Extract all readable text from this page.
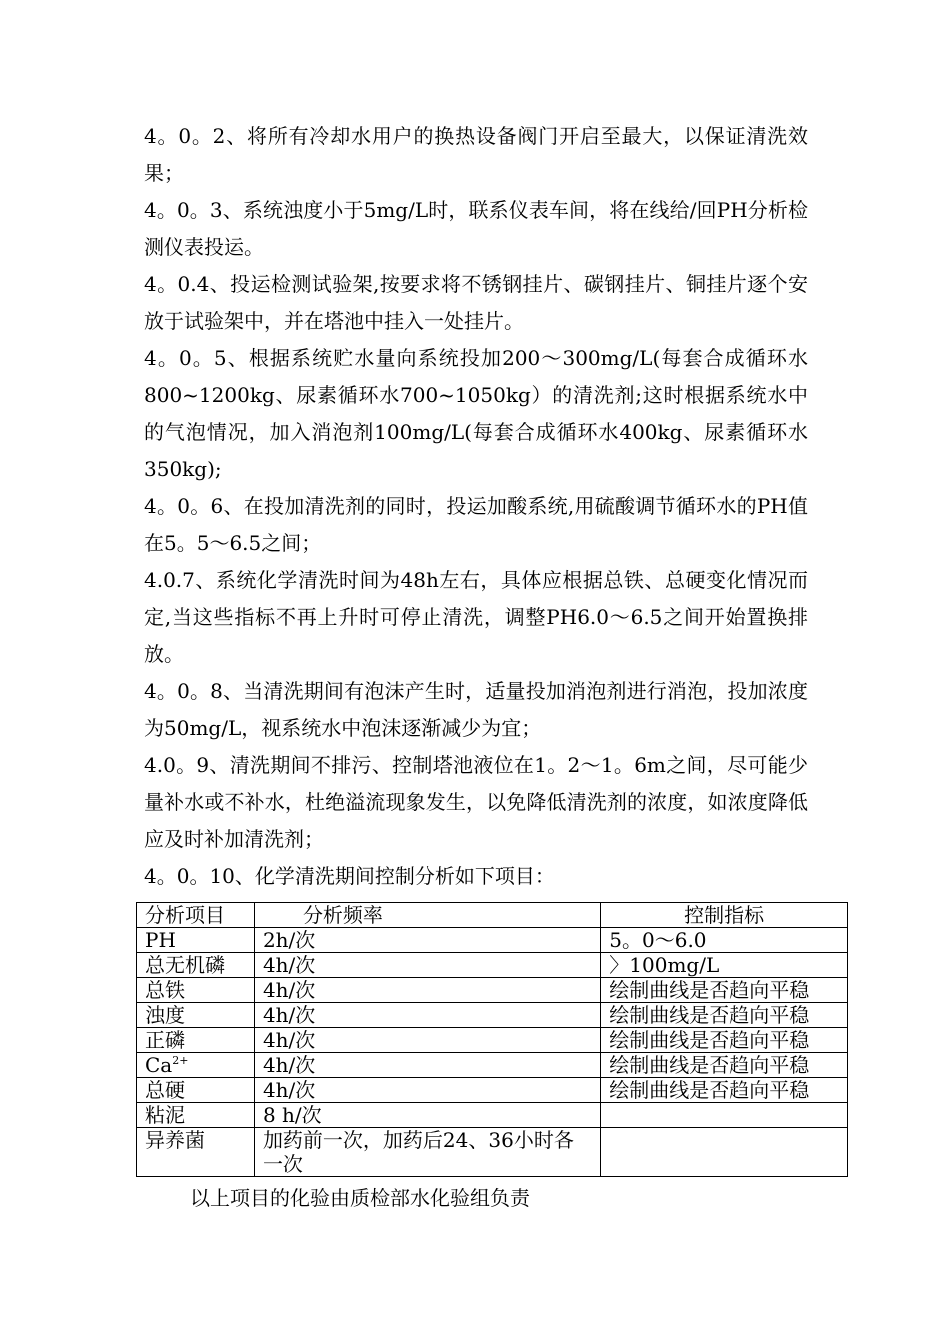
4。0。2、将所有冷却水用户的换热设备阀门开启至最大，以保证清洗效果；

4。0。3、系统浊度小于5mg/L时，联系仪表车间，将在线给/回PH分析检测仪表投运。

4。0.4、投运检测试验架,按要求将不锈钢挂片、碳钢挂片、铜挂片逐个安放于试验架中，并在塔池中挂入一处挂片。

4。0。5、根据系统贮水量向系统投加200～300mg/L(每套合成循环水800~1200kg、尿素循环水700~1050kg）的清洗剂;这时根据系统水中的气泡情况，加入消泡剂100mg/L(每套合成循环水400kg、尿素循环水350kg);

4。0。6、在投加清洗剂的同时，投运加酸系统,用硫酸调节循环水的PH值在5。5～6.5之间；

4.0.7、系统化学清洗时间为48h左右，具体应根据总铁、总硬变化情况而定,当这些指标不再上升时可停止清洗，调整PH6.0～6.5之间开始置换排放。

4。0。8、当清洗期间有泡沫产生时，适量投加消泡剂进行消泡，投加浓度为50mg/L，视系统水中泡沫逐渐减少为宜；

4.0。9、清洗期间不排污、控制塔池液位在1。2～1。6m之间，尽可能少量补水或不补水，杜绝溢流现象发生，以免降低清洗剂的浓度，如浓度降低应及时补加清洗剂；

4。0。10、化学清洗期间控制分析如下项目：

分析项目	分析频率	控制指标
PH	2h/次	5。0～6.0
总无机磷	4h/次	〉100mg/L
总铁	4h/次	绘制曲线是否趋向平稳
浊度	4h/次	绘制曲线是否趋向平稳
正磷	4h/次	绘制曲线是否趋向平稳
$Ca^{2+}$	4h/次	绘制曲线是否趋向平稳
总硬	4h/次	绘制曲线是否趋向平稳
粘泥	8 h/次	
异养菌	加药前一次，加药后24、36小时各一次	
以上项目的化验由质检部水化验组负责
